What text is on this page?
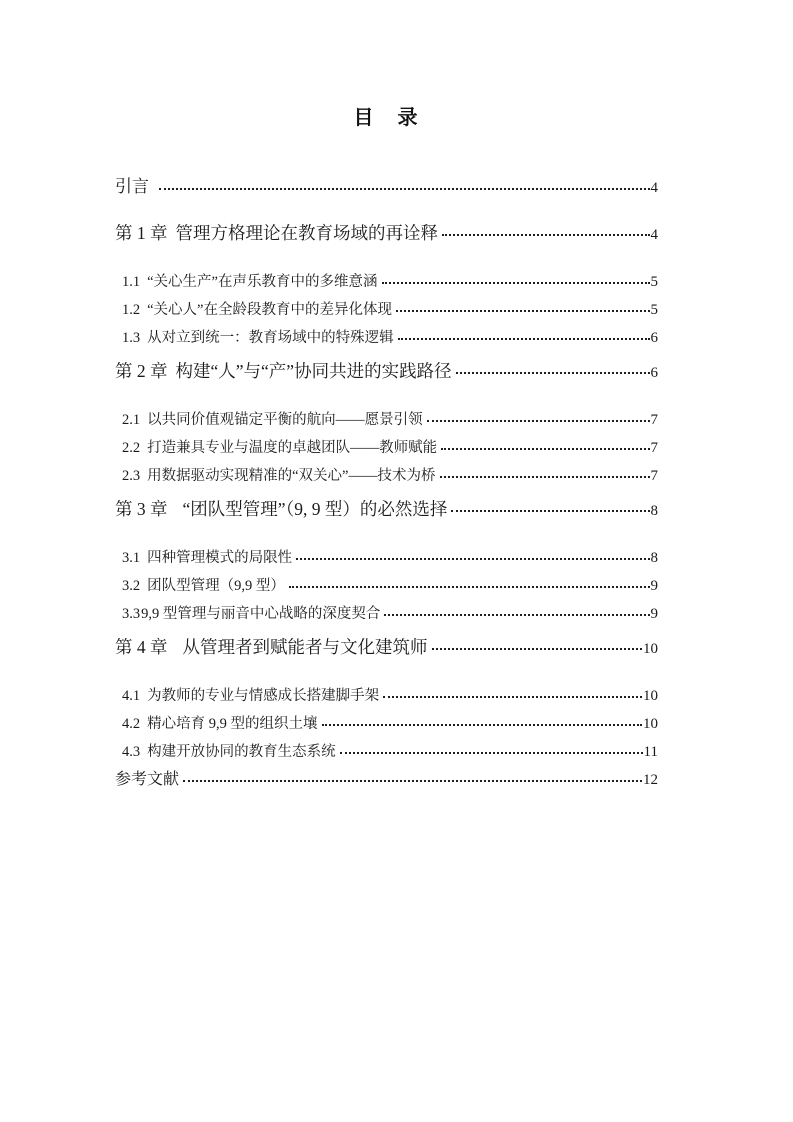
目　录
引言	4
第 1 章 管理方格理论在教育场域的再诠释	4
1.1 “关心生产”在声乐教育中的多维意涵	5
1.2 “关心人”在全龄段教育中的差异化体现	5
1.3 从对立到统一：教育场域中的特殊逻辑	6
第 2 章 构建“人”与“产”协同共进的实践路径	6
2.1 以共同价值观锚定平衡的航向——愿景引领	7
2.2 打造兼具专业与温度的卓越团队——教师赋能	7
2.3 用数据驱动实现精准的“双关心”——技术为桥	7
第 3 章 “团队型管理”（9, 9 型）的必然选择	8
3.1 四种管理模式的局限性	8
3.2 团队型管理（9,9 型）	9
3.3 9,9 型管理与丽音中心战略的深度契合	9
第 4 章 从管理者到赋能者与文化建筑师	10
4.1 为教师的专业与情感成长搭建脚手架	10
4.2 精心培育 9,9 型的组织土壤	10
4.3 构建开放协同的教育生态系统	11
参考文献	12
